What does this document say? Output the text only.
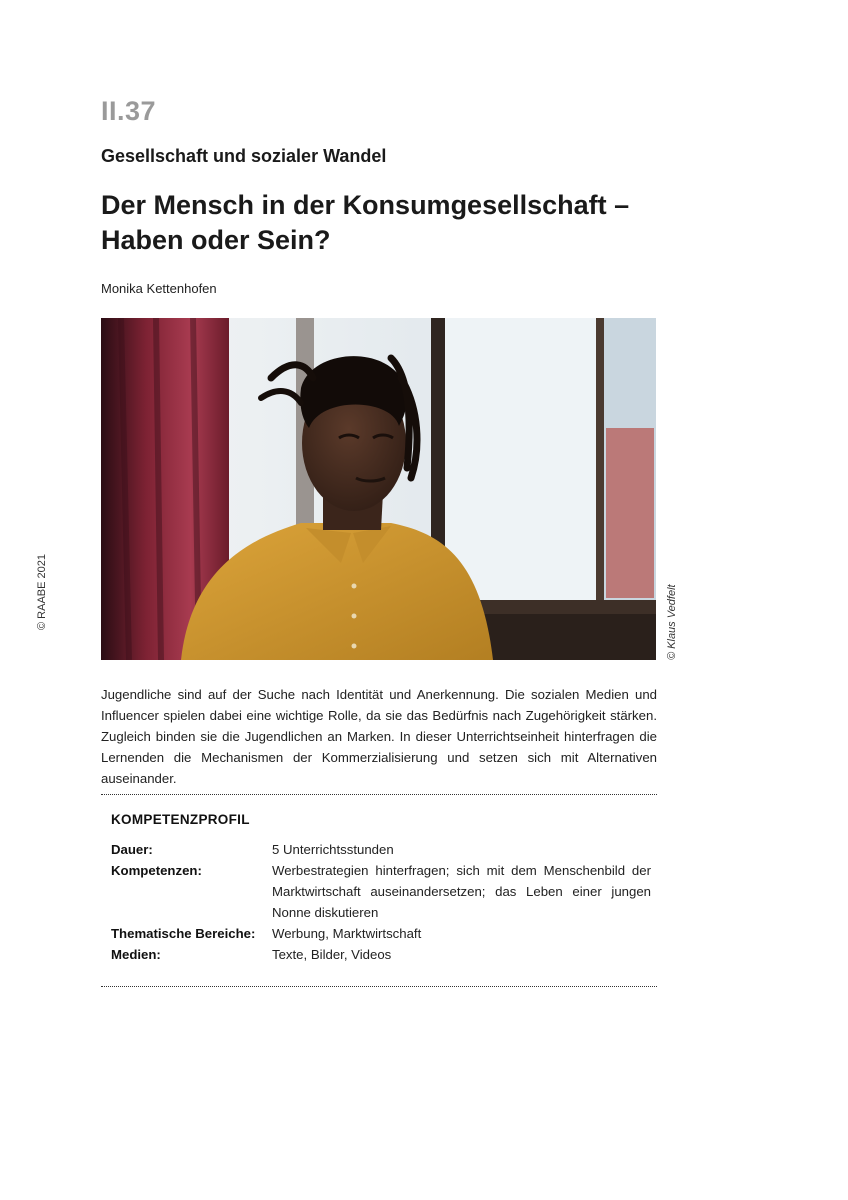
II.37
Gesellschaft und sozialer Wandel
Der Mensch in der Konsumgesellschaft –
Haben oder Sein?
Monika Kettenhofen
© RAABE 2021	© Klaus Vedfelt

Jugendliche sind auf der Suche nach Identität und Anerkennung. Die sozialen Medien und Influencer spielen dabei eine wichtige Rolle, da sie das Bedürfnis nach Zugehörigkeit stärken. Zugleich binden sie die Jugendlichen an Marken. In dieser Unterrichtseinheit hinterfragen die Lernenden die Mechanismen der Kommerzialisierung und setzen sich mit Alternativen auseinander.

KOMPETENZPROFIL
Dauer:	5 Unterrichtsstunden
Kompetenzen:	Werbestrategien hinterfragen; sich mit dem Menschenbild der Marktwirtschaft auseinandersetzen; das Leben einer jungen Nonne diskutieren
Thematische Bereiche:	Werbung, Marktwirtschaft
Medien:	Texte, Bilder, Videos
